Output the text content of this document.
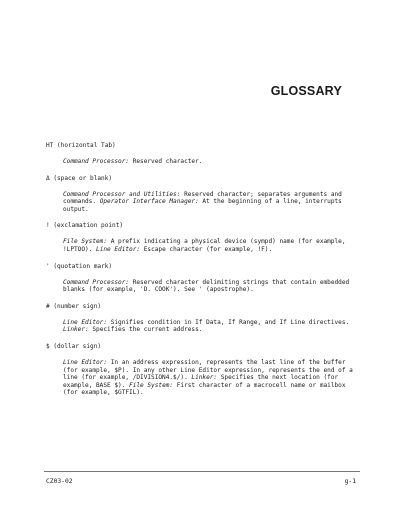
GLOSSARY
HT (horizontal Tab)
Command Processor: Reserved character.
Δ (space or blank)
Command Processor and Utilities: Reserved character; separates arguments and commands. Operator Interface Manager: At the beginning of a line, interrupts output.
! (exclamation point)
File System: A prefix indicating a physical device (sympd) name (for example, !LPTOO). Line Editor: Escape character (for example, !F).
' (quotation mark)
Command Processor: Reserved character delimiting strings that contain embedded blanks (for example, 'D. COOK'). See ' (apostrophe).
# (number sign)
Line Editor: Signifies condition in If Data, If Range, and If Line directives. Linker: Specifies the current address.
$ (dollar sign)
Line Editor: In an address expression, represents the last line of the buffer (for example, $P). In any other Line Editor expression, represents the end of a line (for example, /DIVISION4.$/). Linker: Specifies the next location (for example, BASE $). File System: First character of a macrocell name or mailbox (for example, $GTFIL).
CZ03-02	g-1
